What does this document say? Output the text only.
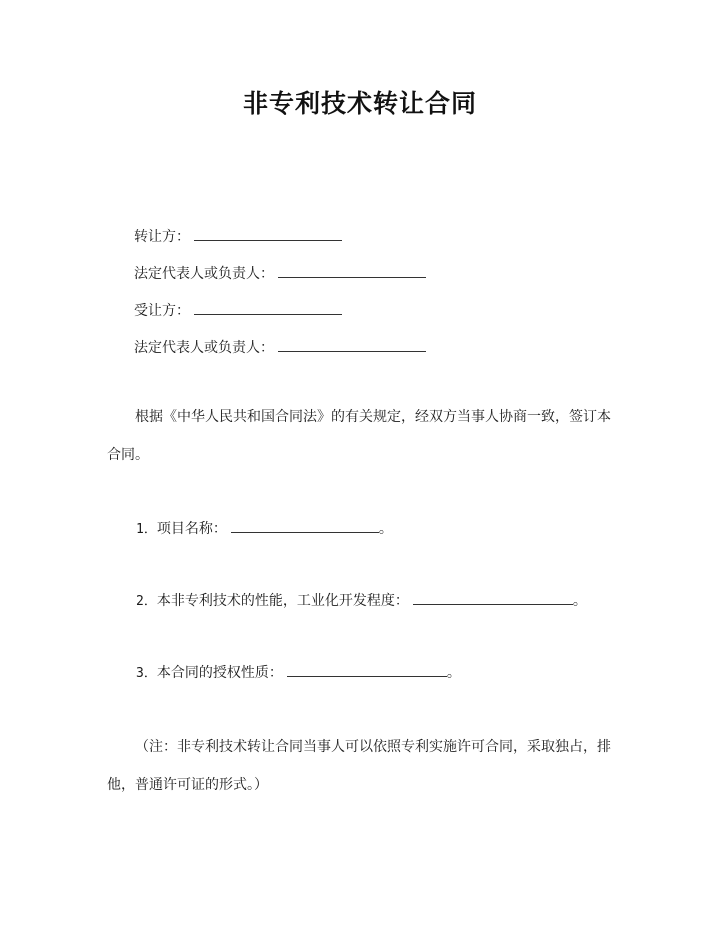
非专利技术转让合同
转让方：
法定代表人或负责人：
受让方：
法定代表人或负责人：
根据《中华人民共和国合同法》的有关规定，经双方当事人协商一致，签订本合同。
1．项目名称：	。
2．本非专利技术的性能，工业化开发程度：	。
3．本合同的授权性质：	。
（注：非专利技术转让合同当事人可以依照专利实施许可合同，采取独占，排他，普通许可证的形式。）
